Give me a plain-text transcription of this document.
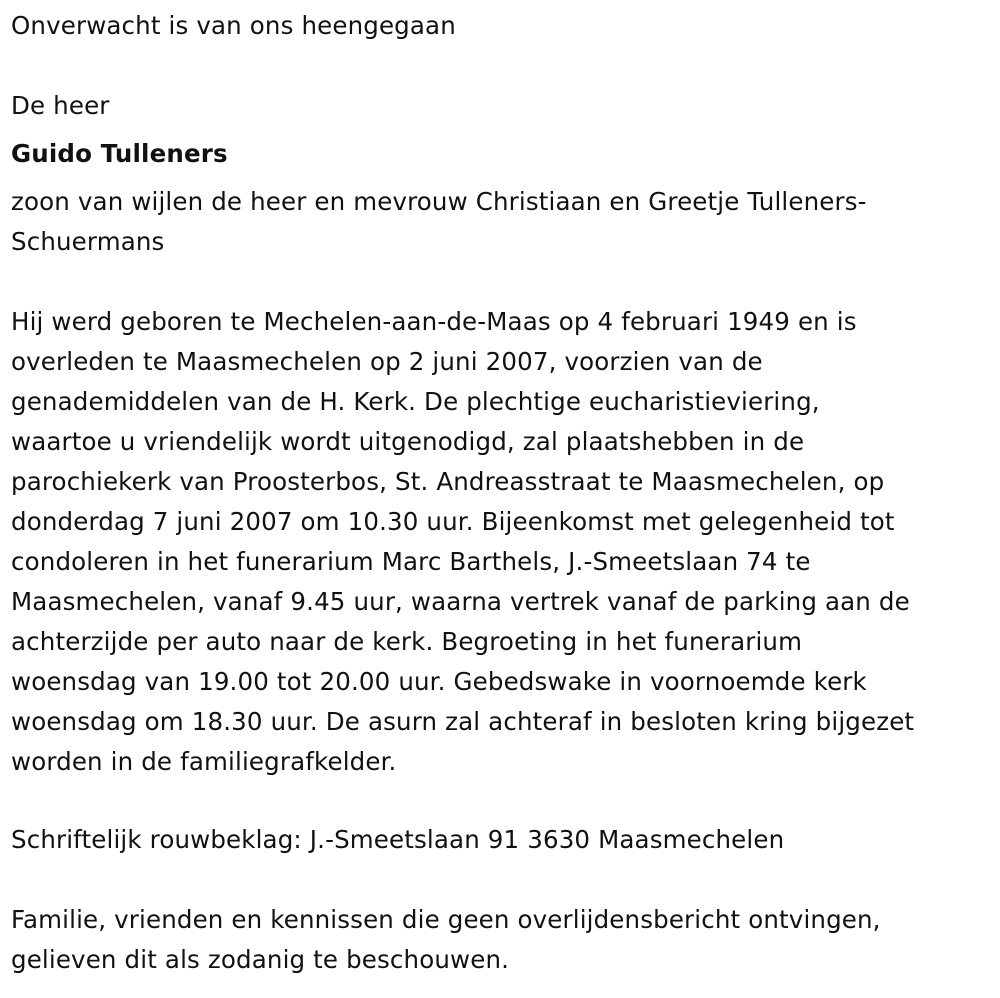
Onverwacht is van ons heengegaan

De heer

Guido Tulleners

zoon van wijlen de heer en mevrouw Christiaan en Greetje Tulleners-

Schuermans

Hij werd geboren te Mechelen-aan-de-Maas op 4 februari 1949 en is

overleden te Maasmechelen op 2 juni 2007, voorzien van de

genademiddelen van de H. Kerk. De plechtige eucharistieviering,

waartoe u vriendelijk wordt uitgenodigd, zal plaatshebben in de

parochiekerk van Proosterbos, St. Andreasstraat te Maasmechelen, op

donderdag 7 juni 2007 om 10.30 uur. Bijeenkomst met gelegenheid tot

condoleren in het funerarium Marc Barthels, J.-Smeetslaan 74 te

Maasmechelen, vanaf 9.45 uur, waarna vertrek vanaf de parking aan de

achterzijde per auto naar de kerk. Begroeting in het funerarium

woensdag van 19.00 tot 20.00 uur. Gebedswake in voornoemde kerk

woensdag om 18.30 uur. De asurn zal achteraf in besloten kring bijgezet

worden in de familiegrafkelder.

Schriftelijk rouwbeklag: J.-Smeetslaan 91 3630 Maasmechelen

Familie, vrienden en kennissen die geen overlijdensbericht ontvingen,

gelieven dit als zodanig te beschouwen.
